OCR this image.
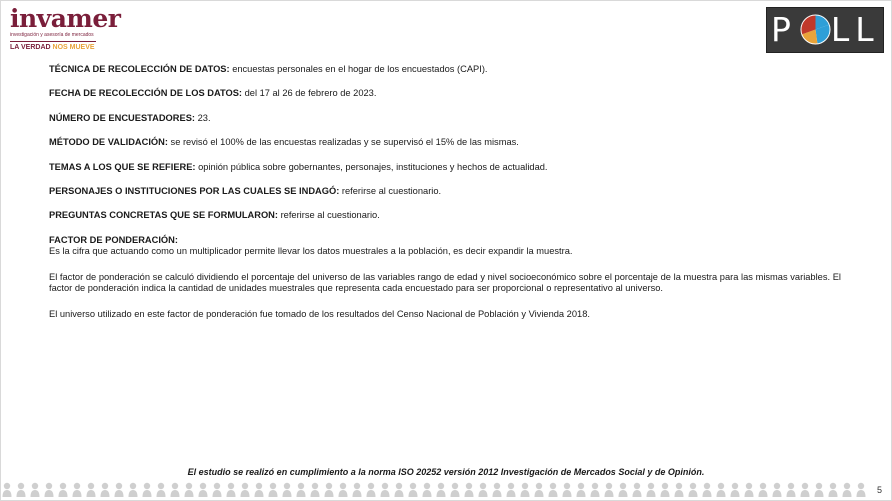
invamer
investigación y asesoría de mercados
LA VERDAD NOS MUEVE	P LL

TÉCNICA DE RECOLECCIÓN DE DATOS: encuestas personales en el hogar de los encuestados (CAPI).

FECHA DE RECOLECCIÓN DE LOS DATOS: del 17 al 26 de febrero de 2023.

NÚMERO DE ENCUESTADORES: 23.

MÉTODO DE VALIDACIÓN: se revisó el 100% de las encuestas realizadas y se supervisó el 15% de las mismas.

TEMAS A LOS QUE SE REFIERE: opinión pública sobre gobernantes, personajes, instituciones y hechos de actualidad.

PERSONAJES O INSTITUCIONES POR LAS CUALES SE INDAGÓ: referirse al cuestionario.

PREGUNTAS CONCRETAS QUE SE FORMULARON: referirse al cuestionario.

FACTOR DE PONDERACIÓN:

Es la cifra que actuando como un multiplicador permite llevar los datos muestrales a la población, es decir expandir la muestra.

El factor de ponderación se calculó dividiendo el porcentaje del universo de las variables rango de edad y nivel socioeconómico sobre el porcentaje de la muestra para las mismas variables. El factor de ponderación indica la cantidad de unidades muestrales que representa cada encuestado para ser proporcional o representativo al universo.

El universo utilizado en este factor de ponderación fue tomado de los resultados del Censo Nacional de Población y Vivienda 2018.

El estudio se realizó en cumplimiento a la norma ISO 20252 versión 2012 Investigación de Mercados Social y de Opinión.
5
